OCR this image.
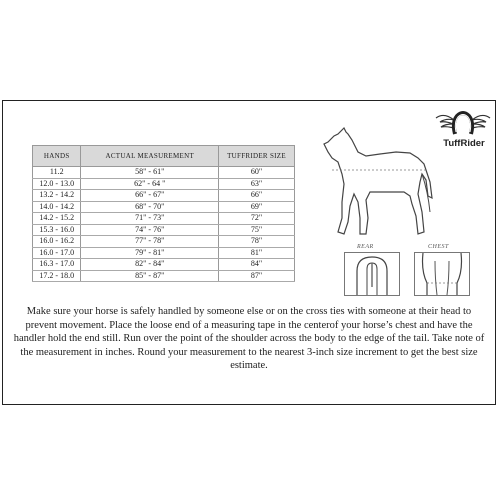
HANDS	ACTUAL MEASUREMENT	TUFFRIDER SIZE
11.2	58" - 61"	60"
12.0 - 13.0	62" - 64 "	63"
13.2 - 14.2	66" - 67"	66"
14.0 - 14.2	68" - 70"	69"
14.2 - 15.2	71" - 73"	72"
15.3 - 16.0	74" - 76"	75"
16.0 - 16.2	77" - 78"	78"
16.0 - 17.0	79" - 81"	81"
16.3 - 17.0	82" - 84"	84"
17.2 - 18.0	85" - 87"	87"
TuffRider
REAR	CHEST
Make sure your horse is safely handled by someone else or on the cross ties with someone at their head to prevent movement. Place the loose end of a measuring tape in the centerof your horse’s chest and have the handler hold the end still. Run over the point of the shoulder across the body to the edge of the tail. Take note of the measurement in inches. Round your measurement to the nearest 3-inch size increment to get the best size estimate.
